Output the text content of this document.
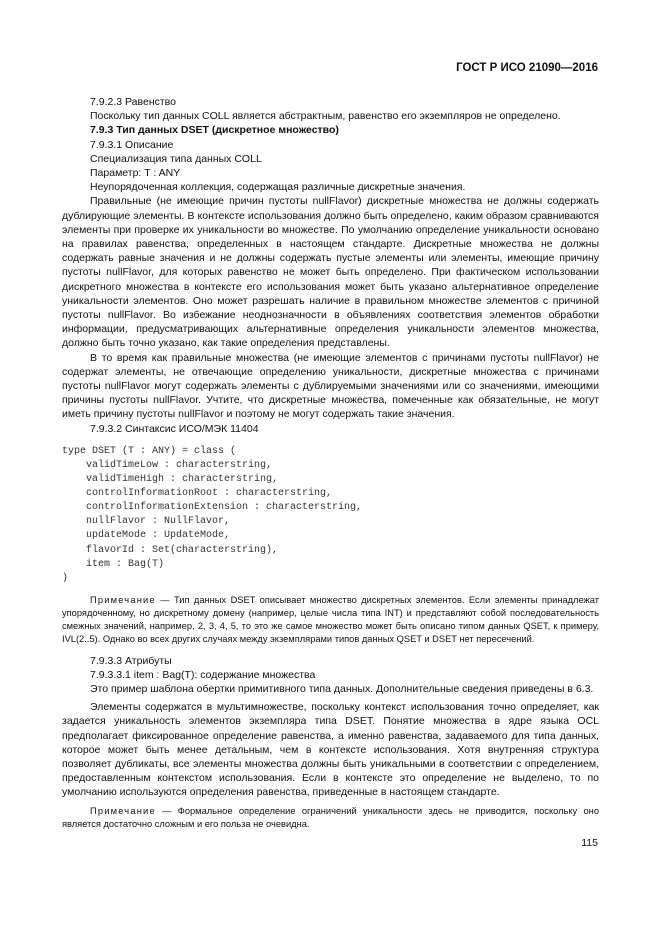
ГОСТ Р ИСО 21090—2016

7.9.2.3 Равенство

Поскольку тип данных COLL является абстрактным, равенство его экземпляров не определено.

7.9.3 Тип данных DSET (дискретное множество)

7.9.3.1 Описание

Специализация типа данных COLL

Параметр: T : ANY

Неупорядоченная коллекция, содержащая различные дискретные значения.

Правильные (не имеющие причин пустоты nullFlavor) дискретные множества не должны содержать дублирующие элементы. В контексте использования должно быть определено, каким образом сравниваются элементы при проверке их уникальности во множестве. По умолчанию определение уникальности основано на правилах равенства, определенных в настоящем стандарте. Дискретные множества не должны содержать равные значения и не должны содержать пустые элементы или элементы, имеющие причину пустоты nullFlavor, для которых равенство не может быть определено. При фактическом использовании дискретного множества в контексте его использования может быть указано альтернативное определение уникальности элементов. Оно может разрешать наличие в правильном множестве элементов с причиной пустоты nullFlavor. Во избежание неоднозначности в объявлениях соответствия элементов обработки информации, предусматривающих альтернативные определения уникальности элементов множества, должно быть точно указано, как такие определения представлены.

В то время как правильные множества (не имеющие элементов с причинами пустоты nullFlavor) не содержат элементы, не отвечающие определению уникальности, дискретные множества с причинами пустоты nullFlavor могут содержать элементы с дублируемыми значениями или со значениями, имеющими причины пустоты nullFlavor. Учтите, что дискретные множества, помеченные как обязательные, не могут иметь причину пустоты nullFlavor и поэтому не могут содержать такие значения.

7.9.3.2 Синтаксис ИСО/МЭК 11404

type DSET (T : ANY) = class (
validTimeLow : characterstring,
validTimeHigh : characterstring,
controlInformationRoot : characterstring,
controlInformationExtension : characterstring,
nullFlavor : NullFlavor,
updateMode : UpdateMode,
flavorId : Set(characterstring),
item : Bag(T)
)

Примечание — Тип данных DSET описывает множество дискретных элементов. Если элементы принадлежат упорядоченному, но дискретному домену (например, целые числа типа INT) и представляют собой последовательность смежных значений, например, 2, 3, 4, 5, то это же самое множество может быть описано типом данных QSET, к примеру, IVL(2..5). Однако во всех других случаях между экземплярами типов данных QSET и DSET нет пересечений.

7.9.3.3 Атрибуты

7.9.3.3.1 item : Bag(T): содержание множества

Это пример шаблона обертки примитивного типа данных. Дополнительные сведения приведены в 6.3.

Элементы содержатся в мультимножестве, поскольку контекст использования точно определяет, как задается уникальность элементов экземпляра типа DSET. Понятие множества в ядре языка OCL предполагает фиксированное определение равенства, а именно равенства, задаваемого для типа данных, которое может быть менее детальным, чем в контексте использования. Хотя внутренняя структура позволяет дубликаты, все элементы множества должны быть уникальными в соответствии с определением, предоставленным контекстом использования. Если в контексте это определение не выделено, то по умолчанию используются определения равенства, приведенные в настоящем стандарте.

Примечание — Формальное определение ограничений уникальности здесь не приводится, поскольку оно является достаточно сложным и его польза не очевидна.

115
